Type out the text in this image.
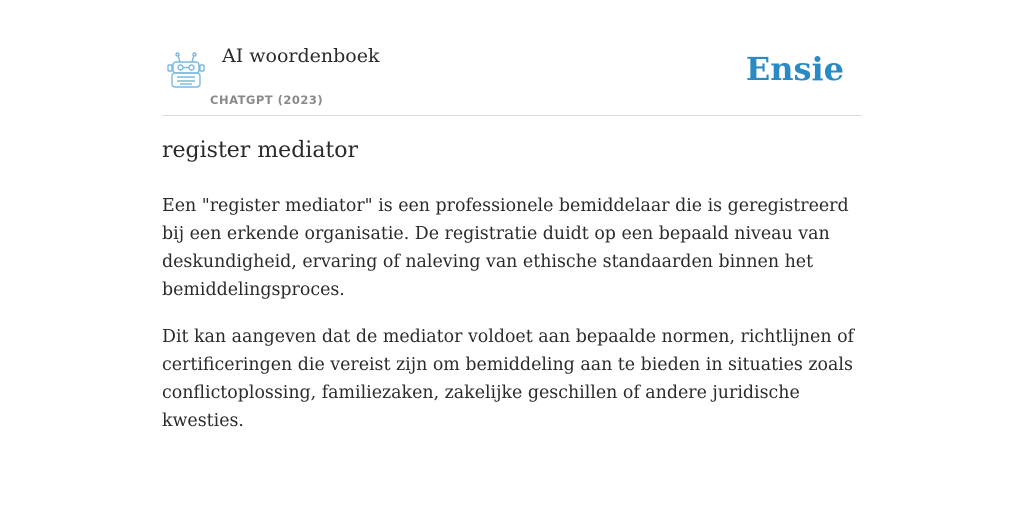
AI woordenboek
CHATGPT (2023)
Ensie
register mediator

Een "register mediator" is een professionele bemiddelaar die is geregistreerd bij een erkende organisatie. De registratie duidt op een bepaald niveau van deskundigheid, ervaring of naleving van ethische standaarden binnen het bemiddelingsproces.

Dit kan aangeven dat de mediator voldoet aan bepaalde normen, richtlijnen of certificeringen die vereist zijn om bemiddeling aan te bieden in situaties zoals conflictoplossing, familiezaken, zakelijke geschillen of andere juridische kwesties.
